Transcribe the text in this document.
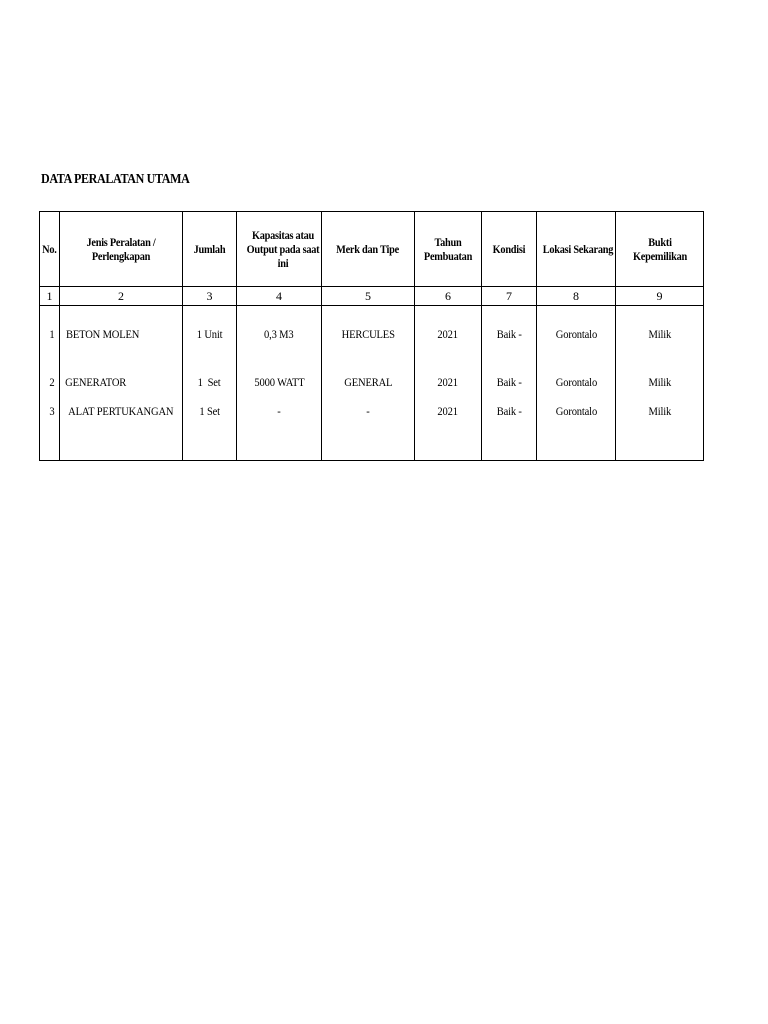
DATA PERALATAN UTAMA
No.	Jenis Peralatan / Perlengkapan	Jumlah	Kapasitas atau Output pada saat ini	Merk dan Tipe	Tahun Pembuatan	Kondisi	Lokasi Sekarang	Bukti Kepemilikan
1	2	3	4	5	6	7	8	9
1	BETON MOLEN	1 Unit	0,3 M3	HERCULES	2021	Baik -	Gorontalo	Milik
2	GENERATOR	1  Set	5000 WATT	GENERAL	2021	Baik -	Gorontalo	Milik
3	ALAT PERTUKANGAN	1 Set	-	-	2021	Baik -	Gorontalo	Milik
